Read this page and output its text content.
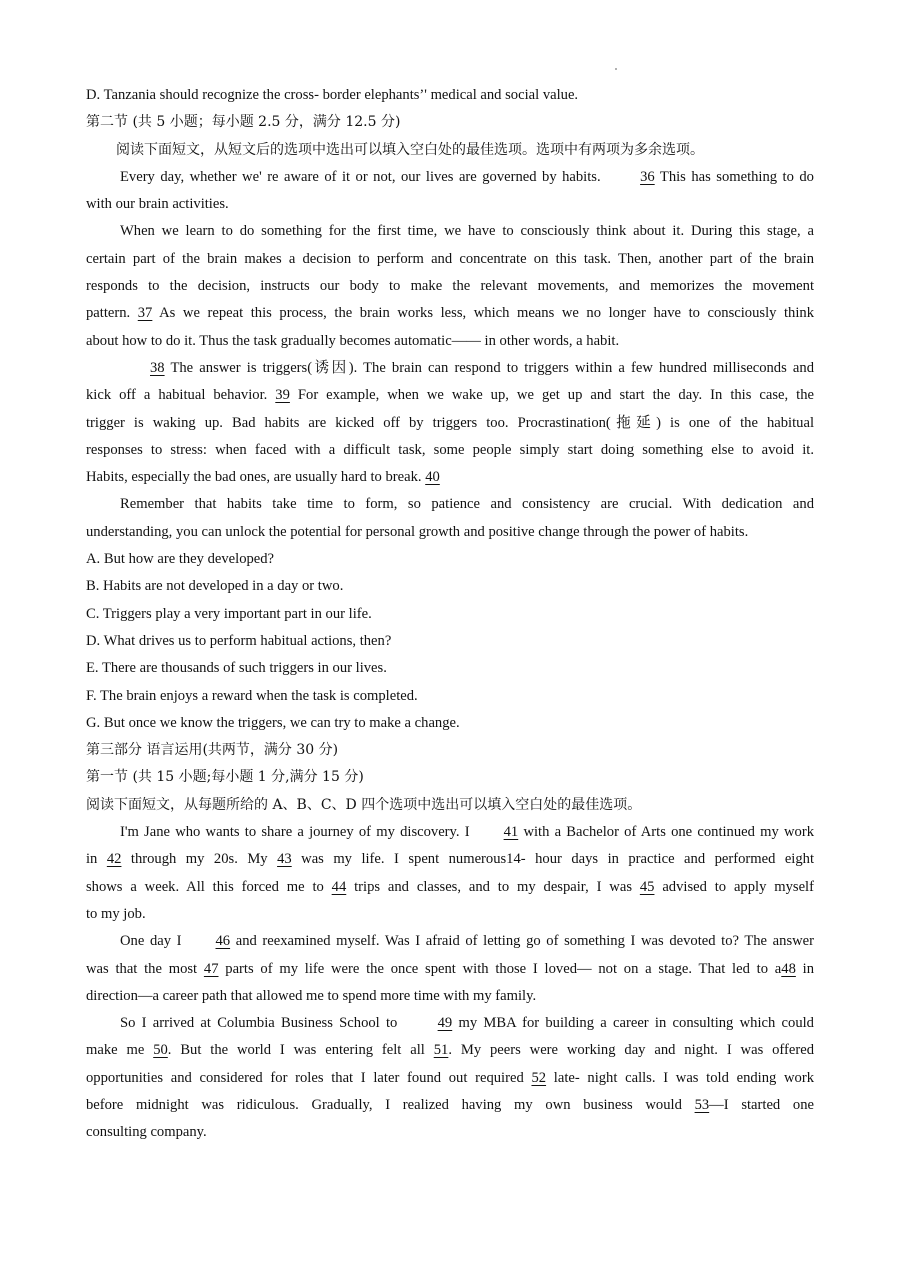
D. Tanzania should recognize the cross- border elephants’' medical and social value.
第二节 (共 5 小题；每小题 2.5 分，满分 12.5 分)
阅读下面短文，从短文后的选项中选出可以填入空白处的最佳选项。选项中有两项为多余选项。
Every day, whether we' re aware of it or not, our lives are governed by habits.	36 This has something to do
with our brain activities.
When we learn to do something for the first time, we have to consciously think about it. During this stage, a
certain part of the brain makes a decision to perform and concentrate on this task. Then, another part of the brain
responds to the decision, instructs our body to make the relevant movements, and memorizes the movement
pattern. 37 As we repeat this process, the brain works less, which means we no longer have to consciously think
about how to do it. Thus the task gradually becomes automatic—— in other words, a habit.
38 The answer is triggers(诱因). The brain can respond to triggers within a few hundred milliseconds and
kick off a habitual behavior. 39 For example, when we wake up, we get up and start the day. In this case, the
trigger is waking up. Bad habits are kicked off by triggers too. Procrastination(拖延) is one of the habitual
responses to stress: when faced with a difficult task, some people simply start doing something else to avoid it.
Habits, especially the bad ones, are usually hard to break. 40
Remember that habits take time to form, so patience and consistency are crucial. With dedication and
understanding, you can unlock the potential for personal growth and positive change through the power of habits.
A. But how are they developed?
B. Habits are not developed in a day or two.
C. Triggers play a very important part in our life.
D. What drives us to perform habitual actions, then?
E. There are thousands of such triggers in our lives.
F. The brain enjoys a reward when the task is completed.
G. But once we know the triggers, we can try to make a change.
第三部分 语言运用(共两节，满分 30 分)
第一节 (共 15 小题;每小题 1 分,满分 15 分)
阅读下面短文，从每题所给的 A、B、C、D 四个选项中选出可以填入空白处的最佳选项。
I'm Jane who wants to share a journey of my discovery. I41 with a Bachelor of Arts one continued my work
in 42 through my 20s. My 43 was my life. I spent numerous14- hour days in practice and performed eight
shows a week. All this forced me to 44 trips and classes, and to my despair, I was 45 advised to apply myself
to my job.
One day I46 and reexamined myself. Was I afraid of letting go of something I was devoted to? The answer
was that the most 47 parts of my life were the once spent with those I loved— not on a stage. That led to a48 in
direction—a career path that allowed me to spend more time with my family.
So I arrived at Columbia Business School to	49 my MBA for building a career in consulting which could
make me 50. But the world I was entering felt all 51. My peers were working day and night. I was offered
opportunities and considered for roles that I later found out required 52 late- night calls. I was told ending work
before midnight was ridiculous. Gradually, I realized having my own business would 53—I started one
consulting company.
